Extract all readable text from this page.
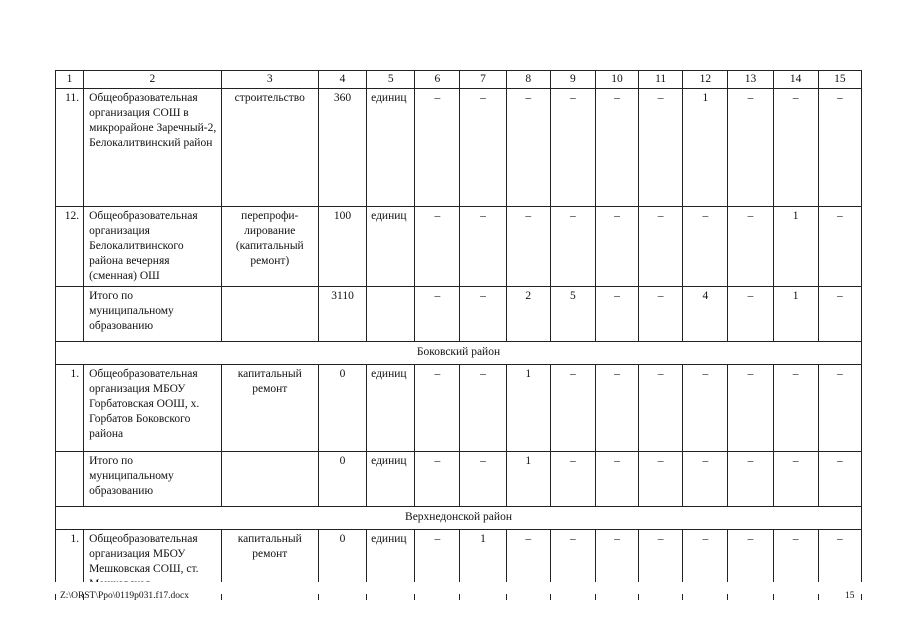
1	2	3	4	5	6	7	8	9	10	11	12	13	14	15
11.	Общеобразовательная организация СОШ в микрорайоне Заречный-2, Белокалитвинский район	строительство	360	единиц	–	–	–	–	–	–	1	–	–	–
12.	Общеобразовательная организация Белокалитвинского района вечерняя (сменная) ОШ	перепрофи-лирование (капитальный ремонт)	100	единиц	–	–	–	–	–	–	–	–	1	–
	Итого по муниципальному образованию		3110		–	–	2	5	–	–	4	–	1	–
Боковский район														
1.	Общеобразовательная организация МБОУ Горбатовская ООШ, х. Горбатов Боковского района	капитальный ремонт	0	единиц	–	–	1	–	–	–	–	–	–	–
	Итого по муниципальному образованию		0	единиц	–	–	1	–	–	–	–	–	–	–
Верхнедонской район														
1.	Общеобразовательная организация МБОУ Мешковская СОШ, ст.	капитальный ремонт	0	единиц	–	1	–	–	–	–	–	–	–	–
Z:\ORST\Ppo\0119p031.f17.docx	15
